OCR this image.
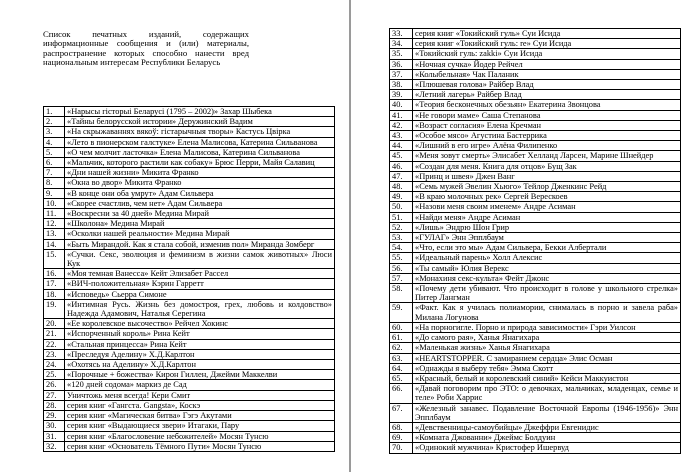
Список печатных изданий, содержащих информационные сообщения и (или) материалы, распространение которых способно нанести вред национальным интересам Республики Беларусь

1.	«Нарысы гісторыі Беларусі (1795 – 2002)» Захар Шыбека
2.	«Тайны белорусской истории» Деружинский Вадим
3.	«На скрыжаваннях вякоў: гістарычныя творы» Кастусь Цвірка
4.	«Лето в пионерском галстуке» Елена Малисова, Катерина Сильванова
5.	«О чем молчит ласточка» Елена Малисова, Катерина Сильванова
6.	«Мальчик, которого растили как собаку» Брюс Перри, Майя Салавиц
7.	«Дни нашей жизни» Микита Франко
8.	«Окна во двор» Микита Франко
9.	«В конце они оба умрут» Адам Сильвера
10.	«Скорее счастлив, чем нет» Адам Сильвера
11.	«Воскресни за 40 дней» Медина Мирай
12.	«Школона» Медина Мирай
13.	«Осколки нашей реальности» Медина Мирай
14.	«Быть Мирандой. Как я стала собой, изменив пол» Миранда Зомберг
15.	«Сучки. Секс, эволюция и феминизм в жизни самок животных» Люси Кук
16.	«Моя темная Ванесса» Кейт Элизабет Рассел
17.	«ВИЧ-положительная» Кэрин Гарретт
18.	«Исповедь» Сьерра Симоне
19.	«Интимная Русь. Жизнь без домостроя, грех, любовь и колдовство» Надежда Адамович, Наталья Серегина
20.	«Ее королевское высочество» Рейчел Хокинс
21.	«Испорченный король» Рина Кейт
22.	«Стальная принцесса» Рина Кейт
23.	«Преследуя Аделину» Х.Д.Карлтон
24.	«Охотясь на Аделину» Х.Д.Карлтон
25.	«Порочные + божества» Кирон Гиллен, Джейми Маккелви
26.	«120 дней содома» маркиз де Сад
27.	Уничтожь меня всегда! Кери Смит
28.	серия книг «Гангста. Gangsta», Коскэ
29.	серия книг «Магическая битва» Гэгэ Акутами
30.	серия книг «Выдающиеся звери» Итагаки, Пару
31.	серия книг «Благословение небожителей» Мосян Тунсю
32.	серия книг «Основатель Тёмного Пути» Мосян Тунсю
33.	серия книг «Токийский гуль» Суи Исида
34.	серия книг «Токийский гуль: re» Суи Исида
35.	«Токийский гуль: zakki» Суи Исида
36.	«Ночная сучка» Йодер Рейчел
37.	«Колыбельная» Чак Паланик
38.	«Плюшевая голова» Райбер Влад
39.	«Летний лагерь» Райбер Влад
40.	«Теория бесконечных обезьян» Екатерина Звонцова
41.	«Не говори маме» Саша Степанова
42.	«Возраст согласия» Елена Кречман
43.	«Особое мясо» Агустина Бастеррика
44.	«Лишний в его игре» Алёна Филипенко
45.	«Меня зовут смерть» Элисабет Хелланд Ларсен, Марине Шнейдер
46.	«Создан для меня. Книга для отцов» Бущ Зак
47.	«Принц и швея» Джен Ванг
48.	«Семь мужей Эвелин Хьюго» Тейлор Дженкинс Рейд
49.	«В краю молочных рек» Сергей Верескоев
50.	«Назови меня своим именем» Андре Асиман
51.	«Найди меня» Андре Асиман
52.	«Лишь» Эндрю Шон Грир
53.	«ГУЛАГ» Энн Эпплбаум
54.	«Что, если это мы» Адам Сильвера, Бекки Албертали
55.	«Идеальный парень» Холл Алексис
56.	«Ты самый» Юлия Верекс
57.	«Монахиня секс-культа» Фейт Джонс
58.	«Почему дети убивают. Что происходит в голове у школьного стрелка» Питер Лангман
59.	«Факт. Как я училась полиамории, снималась в порно и завела раба» Милана Логунова
60.	«На порногигле. Порно и природа зависимости» Гэри Уилсон
61.	«До самого рая», Ханья Янагихара
62.	«Маленькая жизнь» Ханья Янагихара
63.	«HEARTSTOPPER. С замиранием сердца» Элис Осман
64.	«Однажды я выберу тебя» Эмма Скотт
65.	«Красный, белый и королевский синий» Кейси Маккуистон
66.	«Давай поговорим про ЭТО: о девочках, мальчиках, младенцах, семье и теле» Роби Харрис
67.	«Железный занавес. Подавление Восточной Европы (1946-1956)» Энн Эпплбаум
68.	«Девственницы-самоубийцы» Джеффри Евгенидис
69.	«Комната Джованни» Джеймс Болдуин
70.	«Одинокий мужчина» Кристофер Ишервуд
